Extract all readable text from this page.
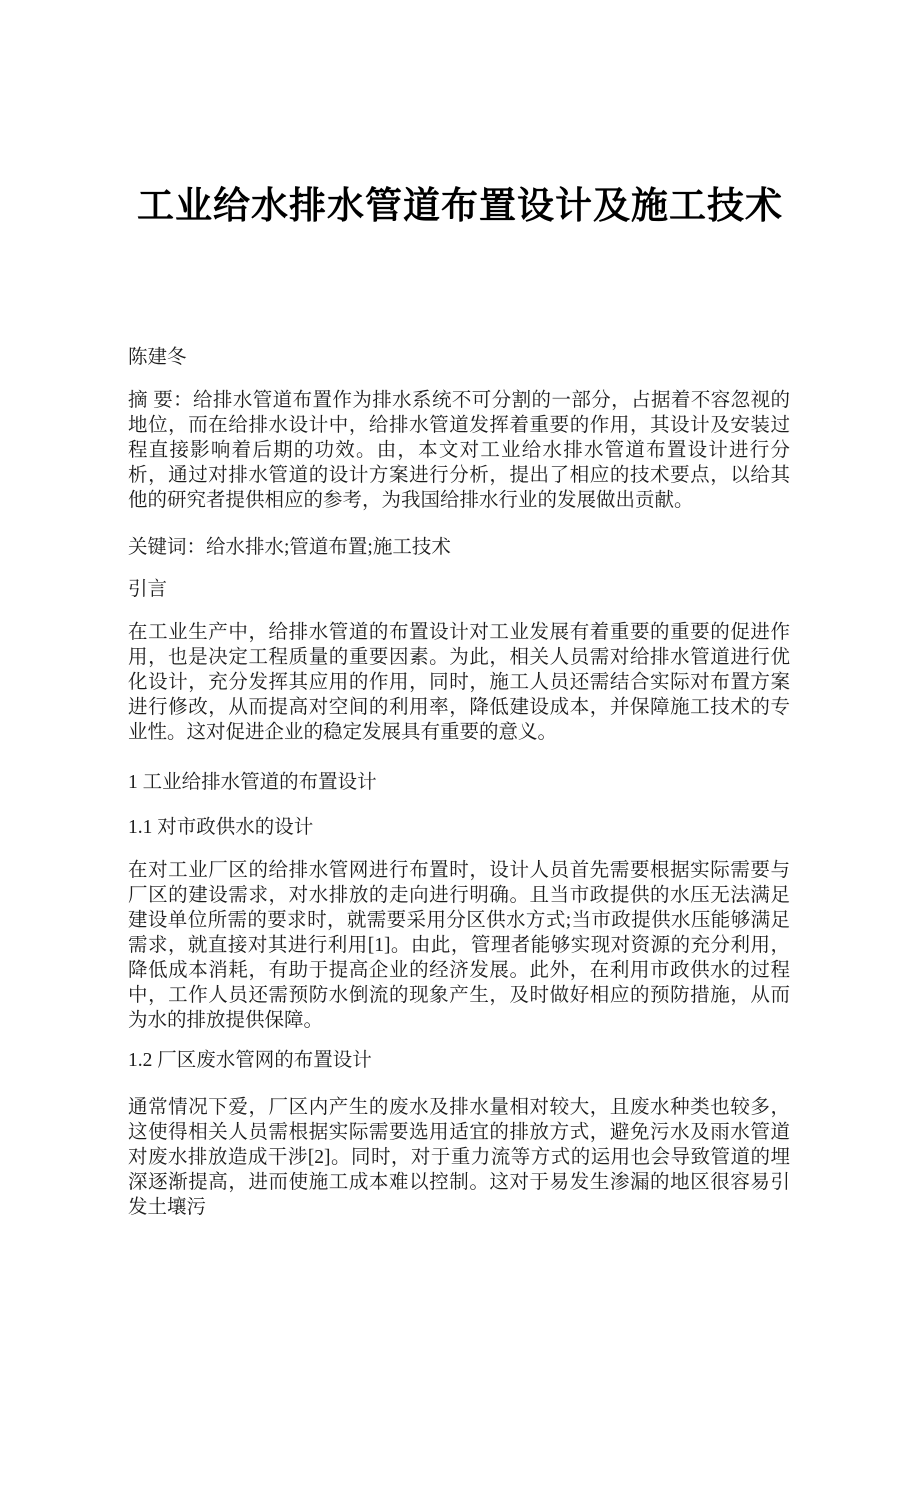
工业给水排水管道布置设计及施工技术

陈建冬

摘 要：给排水管道布置作为排水系统不可分割的一部分，占据着不容忽视的地位，而在给排水设计中，给排水管道发挥着重要的作用，其设计及安装过程直接影响着后期的功效。由，本文对工业给水排水管道布置设计进行分析，通过对排水管道的设计方案进行分析，提出了相应的技术要点，以给其他的研究者提供相应的参考，为我国给排水行业的发展做出贡献。

关键词：给水排水;管道布置;施工技术

引言

在工业生产中，给排水管道的布置设计对工业发展有着重要的重要的促进作用，也是决定工程质量的重要因素。为此，相关人员需对给排水管道进行优化设计，充分发挥其应用的作用，同时，施工人员还需结合实际对布置方案进行修改，从而提高对空间的利用率，降低建设成本，并保障施工技术的专业性。这对促进企业的稳定发展具有重要的意义。

1 工业给排水管道的布置设计
1.1 对市政供水的设计

在对工业厂区的给排水管网进行布置时，设计人员首先需要根据实际需要与厂区的建设需求，对水排放的走向进行明确。且当市政提供的水压无法满足建设单位所需的要求时，就需要采用分区供水方式;当市政提供水压能够满足需求，就直接对其进行利用[1]。由此，管理者能够实现对资源的充分利用，降低成本消耗，有助于提高企业的经济发展。此外，在利用市政供水的过程中，工作人员还需预防水倒流的现象产生，及时做好相应的预防措施，从而为水的排放提供保障。

1.2 厂区废水管网的布置设计

通常情况下爱，厂区内产生的废水及排水量相对较大，且废水种类也较多，这使得相关人员需根据实际需要选用适宜的排放方式，避免污水及雨水管道对废水排放造成干涉[2]。同时，对于重力流等方式的运用也会导致管道的埋深逐渐提高，进而使施工成本难以控制。这对于易发生渗漏的地区很容易引发土壤污
